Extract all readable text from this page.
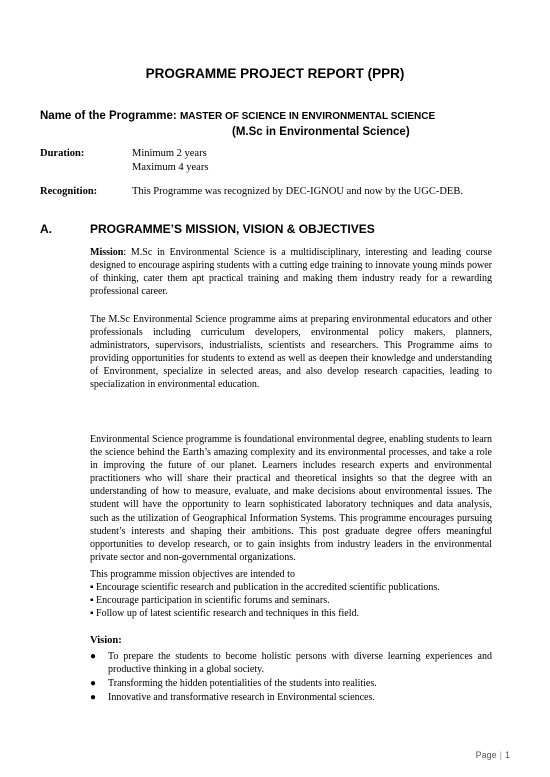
PROGRAMME PROJECT REPORT (PPR)
Name of the Programme: MASTER OF SCIENCE IN ENVIRONMENTAL SCIENCE
(M.Sc in Environmental Science)
Duration:	Minimum 2 years
Maximum 4 years
Recognition:	This Programme was recognized by DEC-IGNOU and now by the UGC-DEB.
A.	PROGRAMME’S MISSION, VISION & OBJECTIVES

Mission: M.Sc in Environmental Science is a multidisciplinary, interesting and leading course designed to encourage aspiring students with a cutting edge training to innovate young minds power of thinking, cater them apt practical training and making them industry ready for a rewarding professional career.

The M.Sc Environmental Science programme aims at preparing environmental educators and other professionals including curriculum developers, environmental policy makers, planners, administrators, supervisors, industrialists, scientists and researchers. This Programme aims to providing opportunities for students to extend as well as deepen their knowledge and understanding of Environment, specialize in selected areas, and also develop research capacities, leading to specialization in environmental education.

Environmental Science programme is foundational environmental degree, enabling students to learn the science behind the Earth’s amazing complexity and its environmental processes, and take a role in improving the future of our planet. Learners includes research experts and environmental practitioners who will share their practical and theoretical insights so that the degree with an understanding of how to measure, evaluate, and make decisions about environmental issues. The student will have the opportunity to learn sophisticated laboratory techniques and data analysis, such as the utilization of Geographical Information Systems. This programme encourages pursuing student’s interests and shaping their ambitions. This post graduate degree offers meaningful opportunities to develop research, or to gain insights from industry leaders in the environmental private sector and non-governmental organizations.

This programme mission objectives are intended to
▪ Encourage scientific research and publication in the accredited scientific publications.
▪ Encourage participation in scientific forums and seminars.
▪ Follow up of latest scientific research and techniques in this field.
Vision:
● To prepare the students to become holistic persons with diverse learning experiences and productive thinking in a global society.
● Transforming the hidden potentialities of the students into realities.
● Innovative and transformative research in Environmental sciences.
Page | 1
